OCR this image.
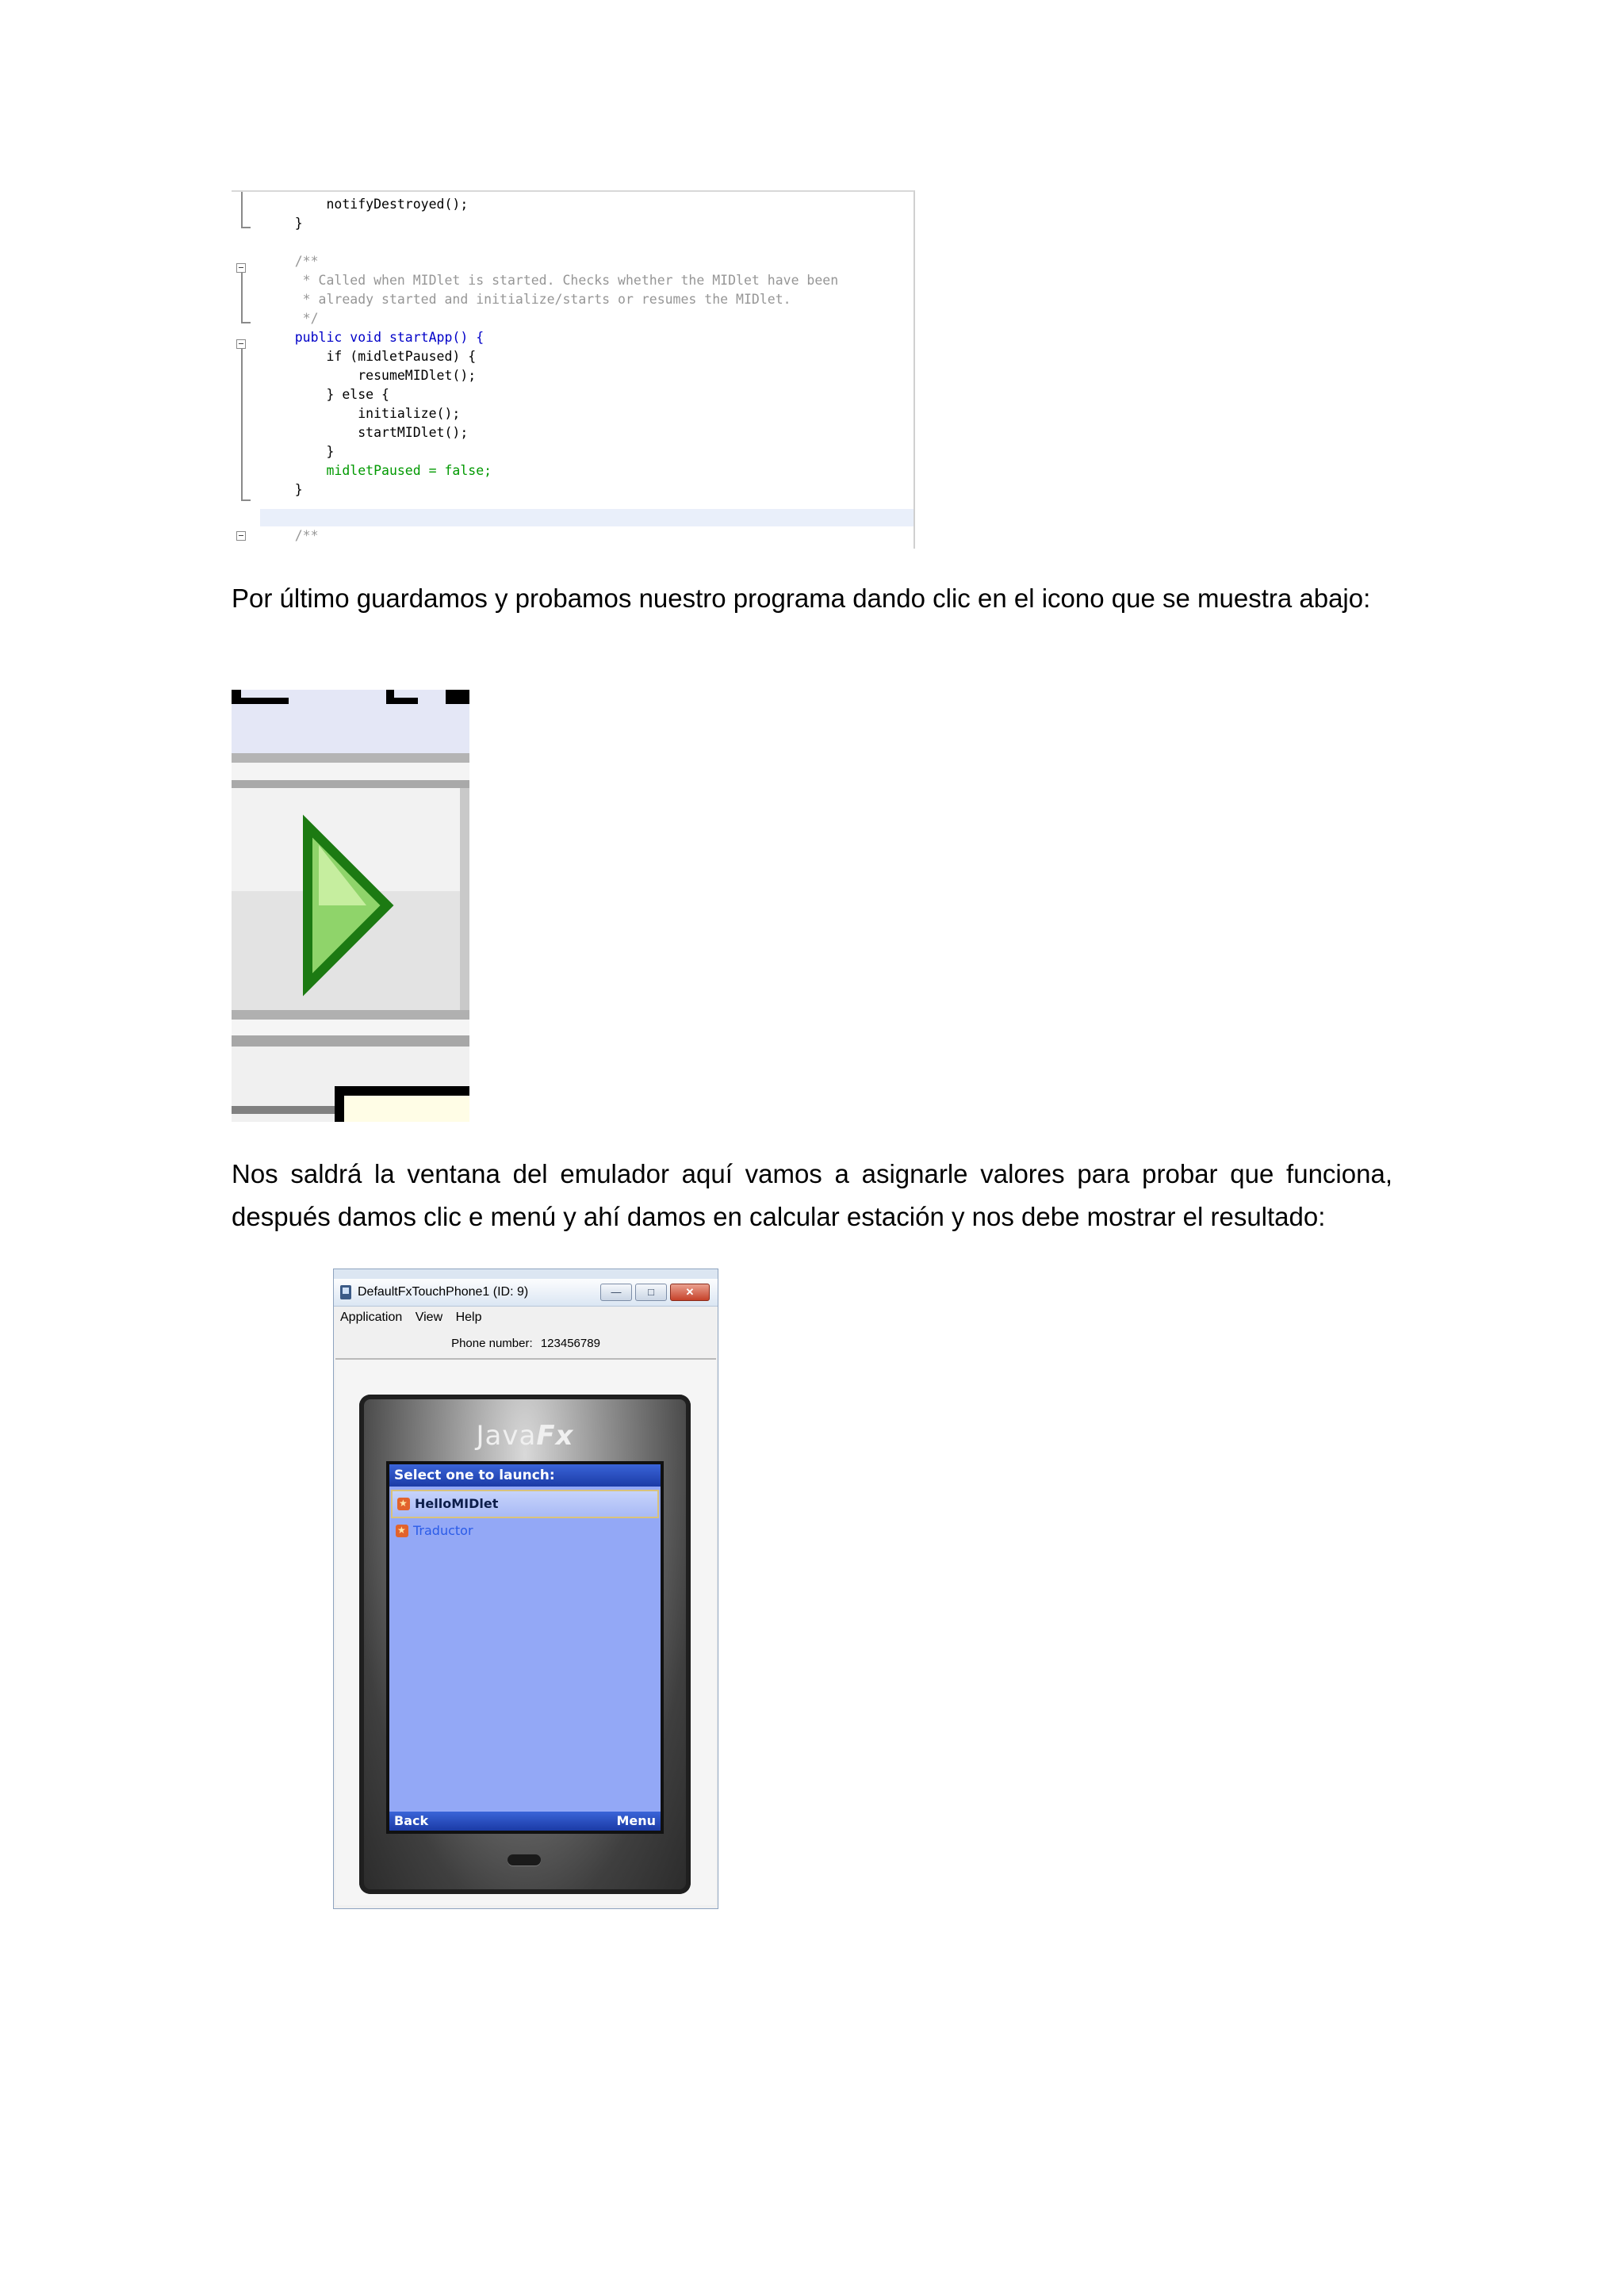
notifyDestroyed();
}
/**
* Called when MIDlet is started. Checks whether the MIDlet have been
* already started and initialize/starts or resumes the MIDlet.
*/
public void startApp() {
if (midletPaused) {
resumeMIDlet();
} else {
initialize();
startMIDlet();
}
midletPaused = false;
}
/**

Por último guardamos y probamos nuestro programa dando clic en el icono que se muestra abajo:

Nos saldrá la ventana del emulador aquí vamos a asignarle valores para probar que funciona, después damos clic e menú y ahí damos en calcular estación y nos debe mostrar el resultado:

DefaultFxTouchPhone1 (ID: 9)	—	□	✕
Application View Help
Phone number: 123456789
JavaFx
Select one to launch:
★
HelloMIDlet
★
Traductor
Back	Menu
